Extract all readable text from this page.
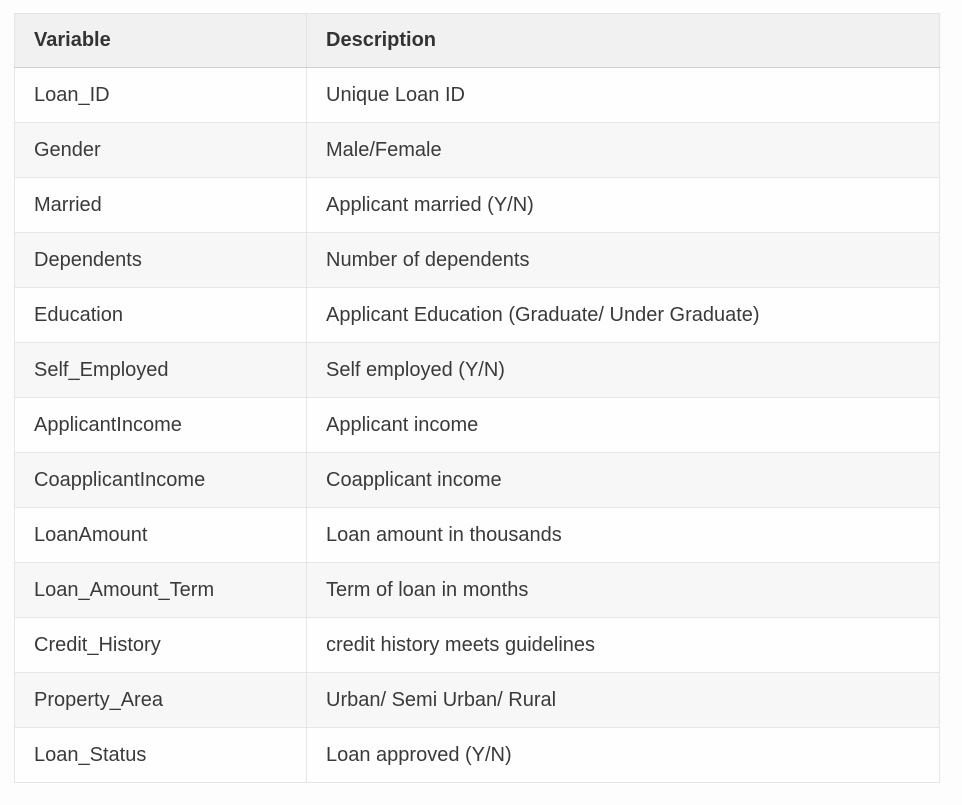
Variable	Description
Loan_ID	Unique Loan ID
Gender	Male/Female
Married	Applicant married (Y/N)
Dependents	Number of dependents
Education	Applicant Education (Graduate/ Under Graduate)
Self_Employed	Self employed (Y/N)
ApplicantIncome	Applicant income
CoapplicantIncome	Coapplicant income
LoanAmount	Loan amount in thousands
Loan_Amount_Term	Term of loan in months
Credit_History	credit history meets guidelines
Property_Area	Urban/ Semi Urban/ Rural
Loan_Status	Loan approved (Y/N)
